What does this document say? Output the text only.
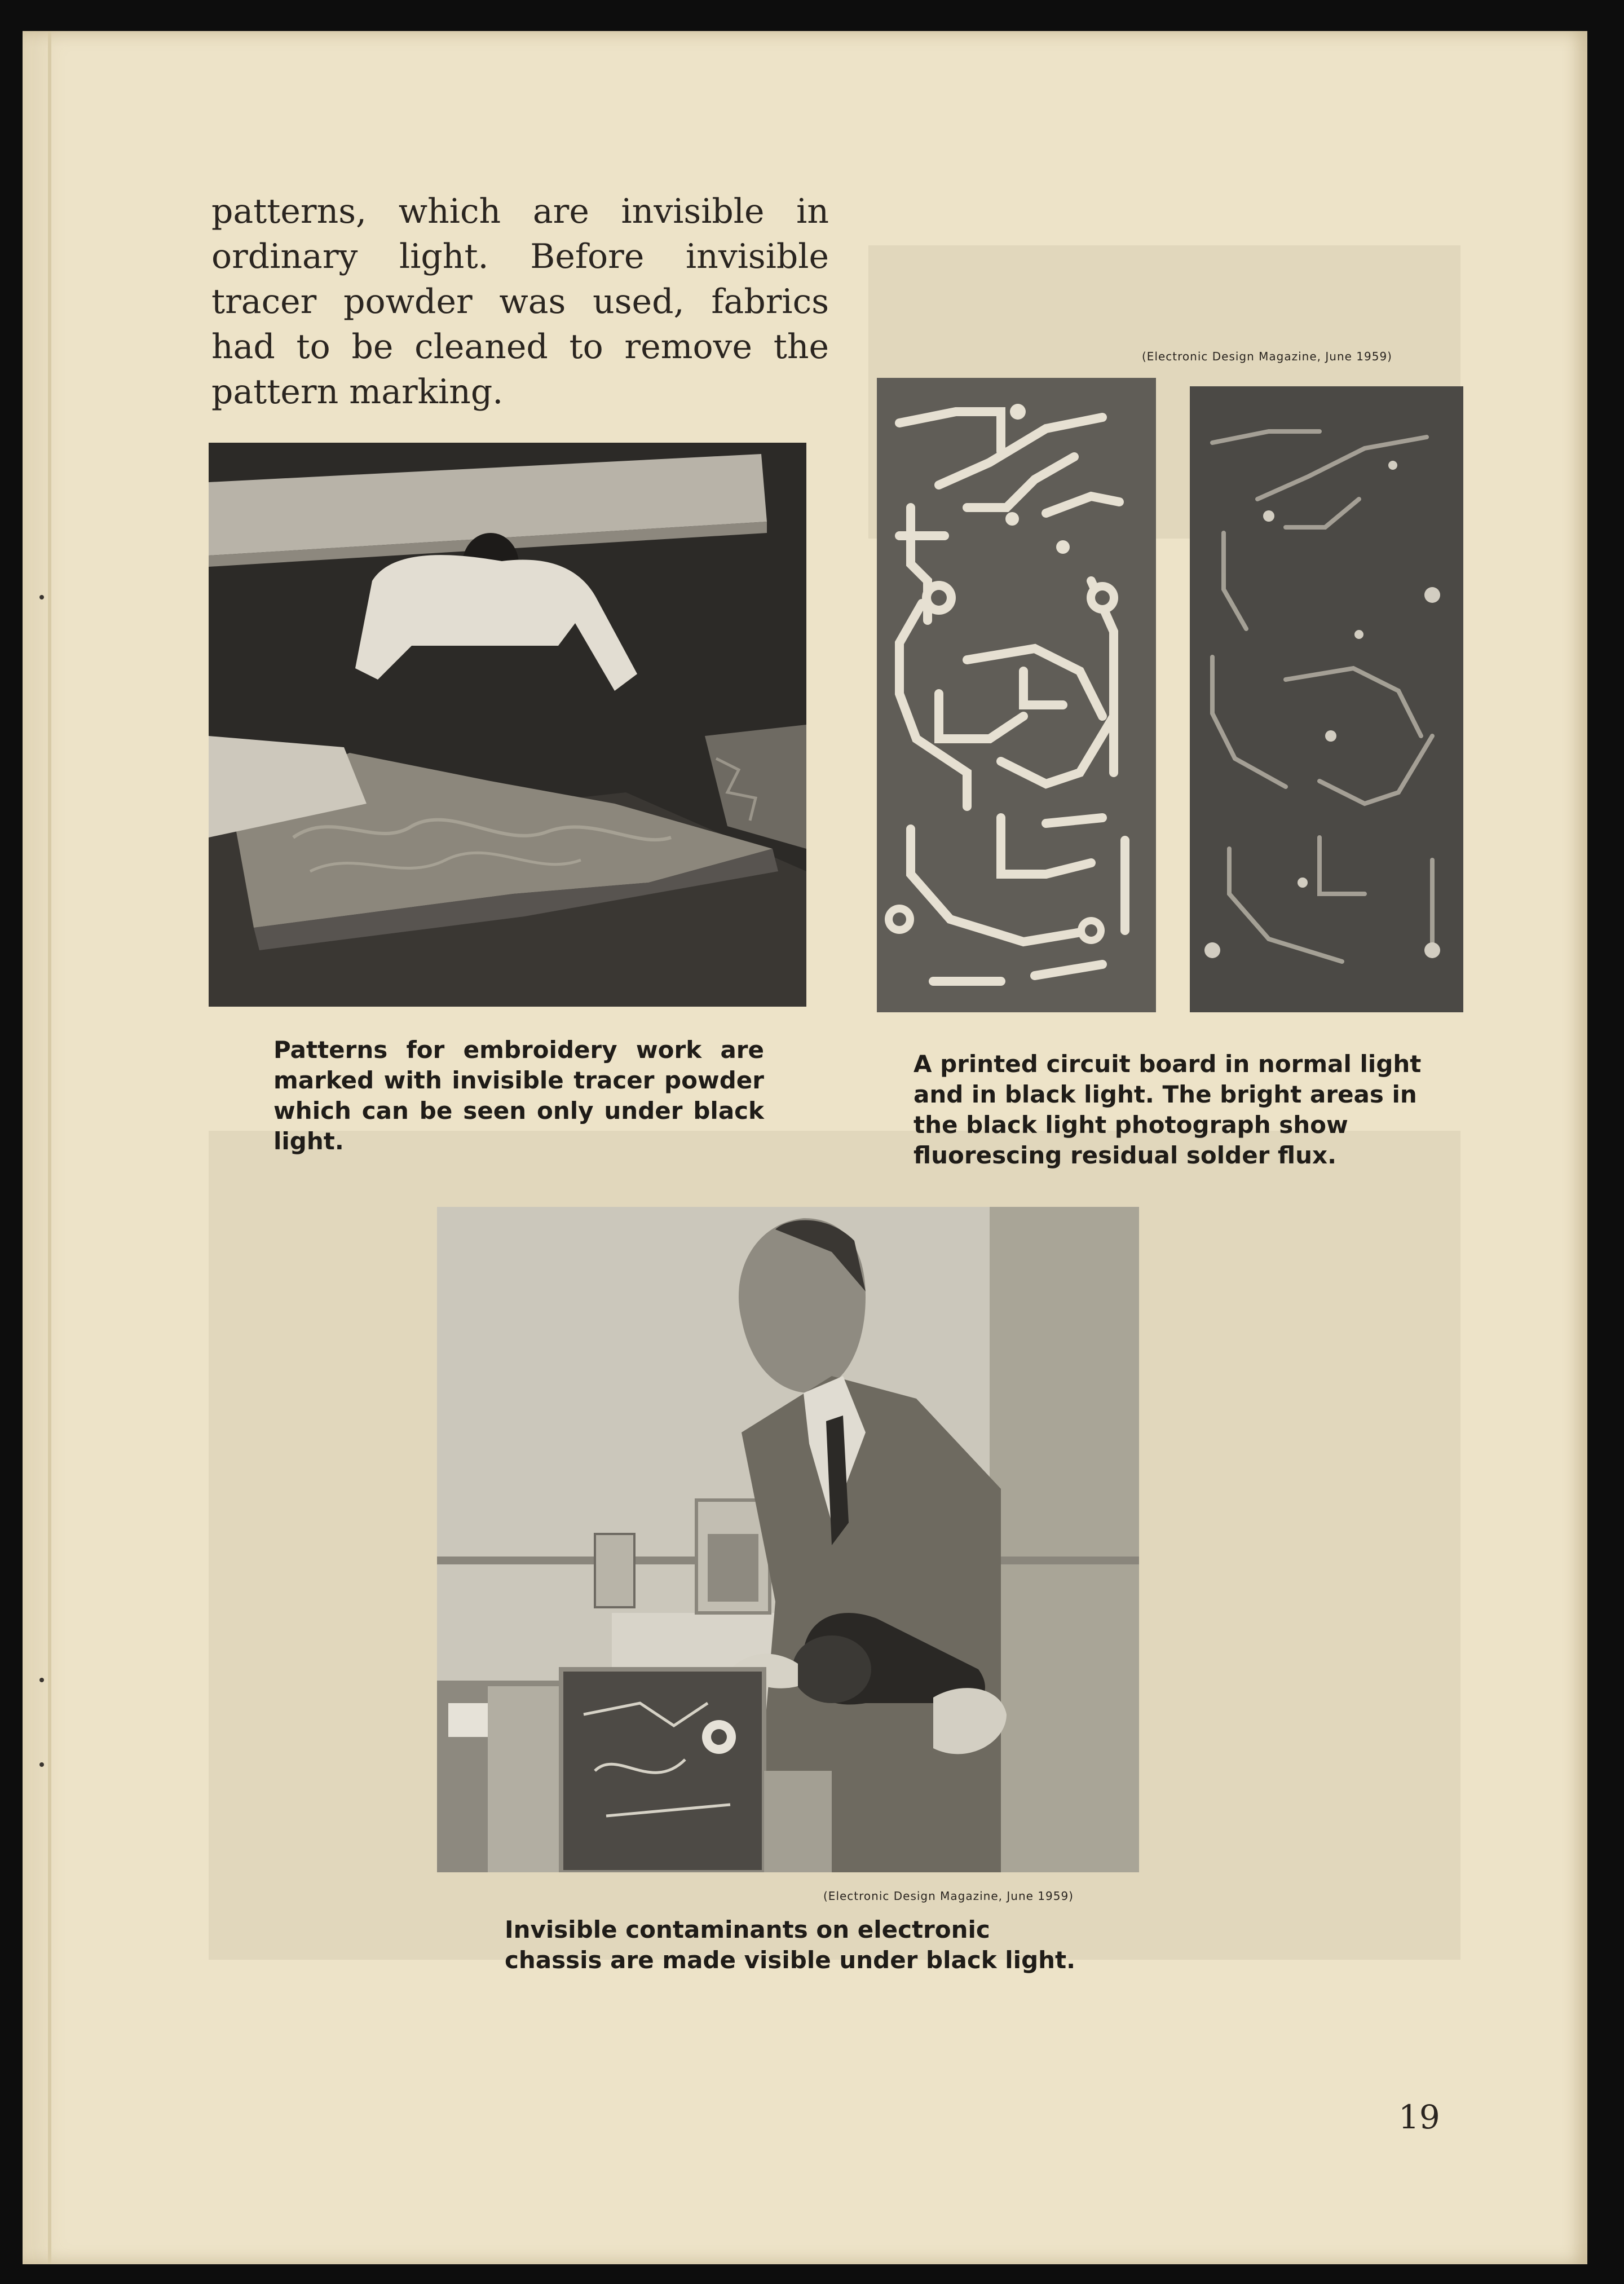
patterns, which are invisible in ordinary light. Before invisible tracer powder was used, fabrics had to be cleaned to remove the pattern marking.
Patterns for embroidery work are marked with invisible tracer powder which can be seen only under black light.
(Electronic Design Magazine, June 1959)
A printed circuit board in normal light and in black light. The bright areas in the black light photograph show fluorescing residual solder flux.
(Electronic Design Magazine, June 1959)
Invisible contaminants on electronic chassis are made visible under black light.
19
